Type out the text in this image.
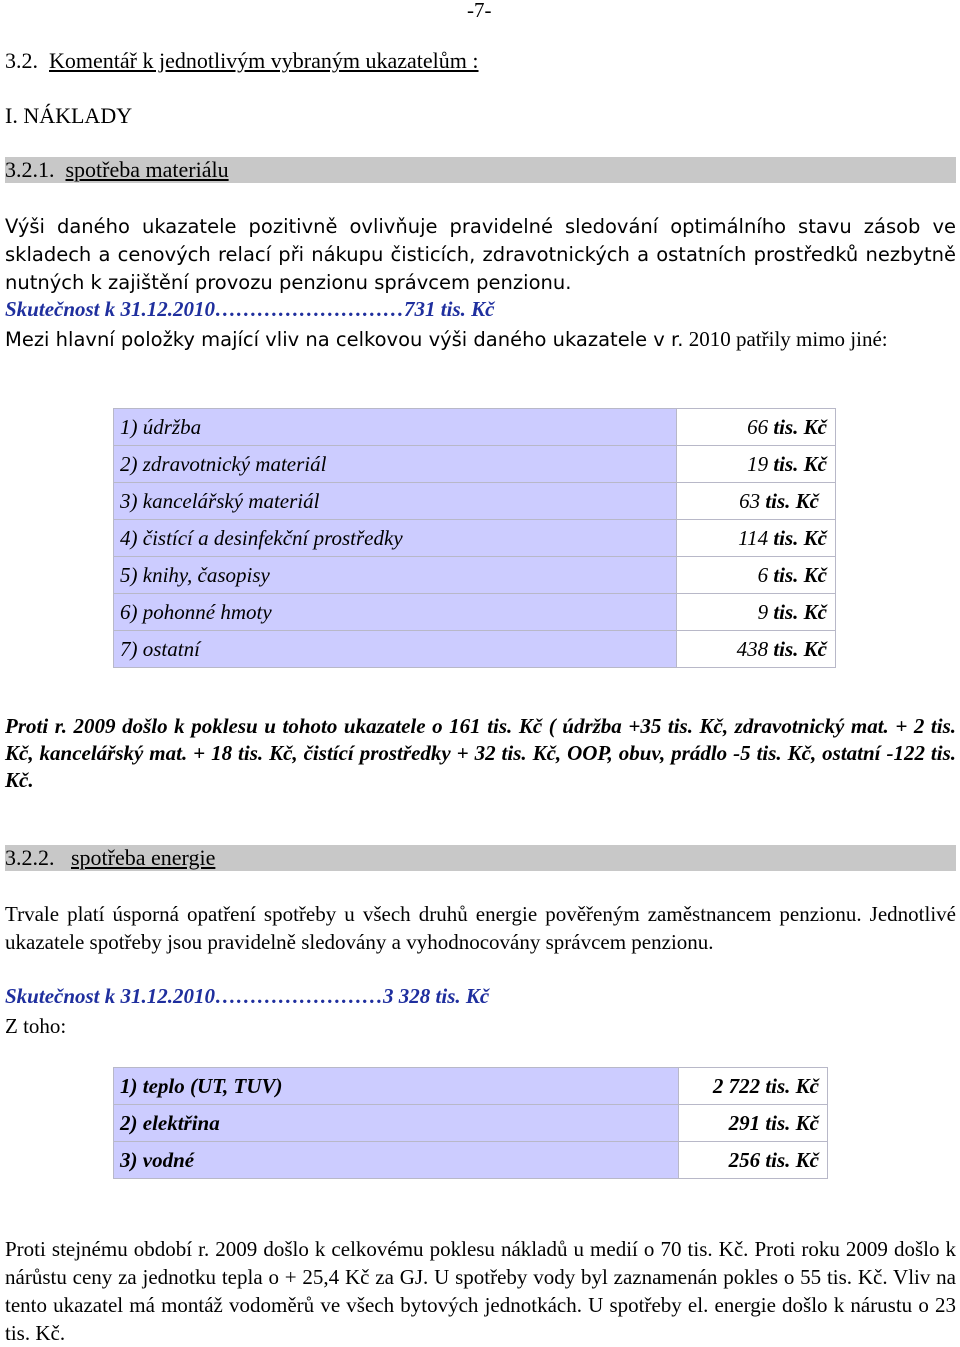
-7-
3.2. Komentář k jednotlivým vybraným ukazatelům :
I. NÁKLADY
3.2.1. spotřeba materiálu
Výši daného ukazatele pozitivně ovlivňuje pravidelné sledování optimálního stavu zásob ve skladech a cenových relací při nákupu čisticích, zdravotnických a ostatních prostředků nezbytně nutných k zajištění provozu penzionu správcem penzionu.
Skutečnost k 31.12.2010………………………731 tis. Kč
Mezi hlavní položky mající vliv na celkovou výši daného ukazatele v r. 2010 patřily mimo jiné:
1) údržba	66 tis. Kč
2) zdravotnický materiál	19 tis. Kč
3) kancelářský materiál	63 tis. Kč
4) čistící a desinfekční prostředky	114 tis. Kč
5) knihy, časopisy	6 tis. Kč
6) pohonné hmoty	9 tis. Kč
7) ostatní	438 tis. Kč
Proti r. 2009 došlo k poklesu u tohoto ukazatele o 161 tis. Kč ( údržba +35 tis. Kč, zdravotnický mat. + 2 tis. Kč, kancelářský mat. + 18 tis. Kč, čistící prostředky + 32 tis. Kč, OOP, obuv, prádlo -5 tis. Kč, ostatní -122 tis. Kč.
3.2.2. spotřeba energie
Trvale platí úsporná opatření spotřeby u všech druhů energie pověřeným zaměstnancem penzionu. Jednotlivé ukazatele spotřeby jsou pravidelně sledovány a vyhodnocovány správcem penzionu.
Skutečnost k 31.12.2010……………………3 328 tis. Kč
Z toho:
1) teplo (UT, TUV)	2 722 tis. Kč
2) elektřina	291 tis. Kč
3) vodné	256 tis. Kč
Proti stejnému období r. 2009 došlo k celkovému poklesu nákladů u medií o 70 tis. Kč. Proti roku 2009 došlo k nárůstu ceny za jednotku tepla o + 25,4 Kč za GJ. U spotřeby vody byl zaznamenán pokles o 55 tis. Kč. Vliv na tento ukazatel má montáž vodoměrů ve všech bytových jednotkách. U spotřeby el. energie došlo k nárustu o 23 tis. Kč.
